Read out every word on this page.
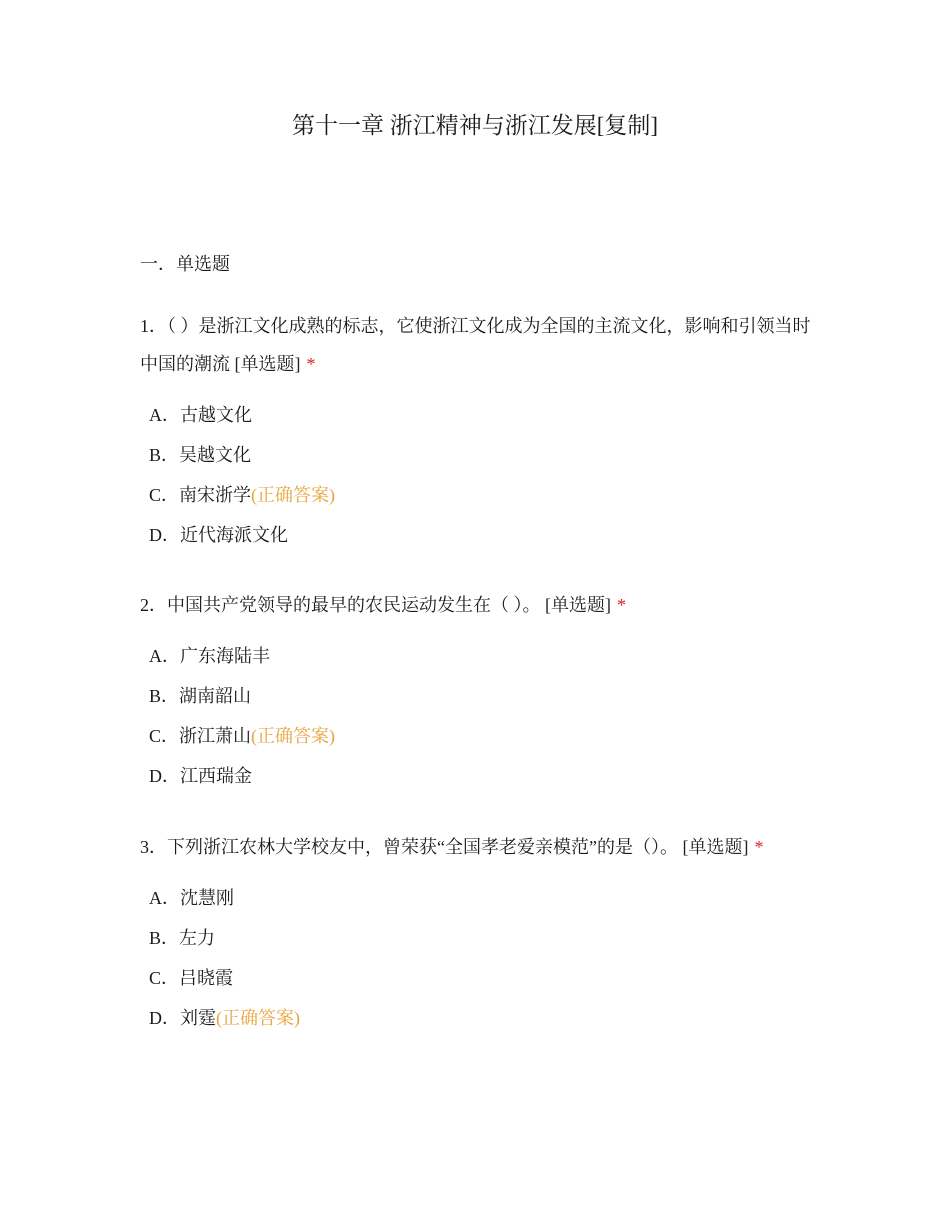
第十一章 浙江精神与浙江发展[复制]
一．单选题
1．（ ）是浙江文化成熟的标志，它使浙江文化成为全国的主流文化，影响和引领当时中国的潮流 [单选题] *
A．古越文化
B．吴越文化
C．南宋浙学(正确答案)
D．近代海派文化
2．中国共产党领导的最早的农民运动发生在（ ）。 [单选题] *
A．广东海陆丰
B．湖南韶山
C．浙江萧山(正确答案)
D．江西瑞金
3．下列浙江农林大学校友中，曾荣获“全国孝老爱亲模范”的是（）。 [单选题] *
A．沈慧刚
B．左力
C．吕晓霞
D．刘霆(正确答案)
